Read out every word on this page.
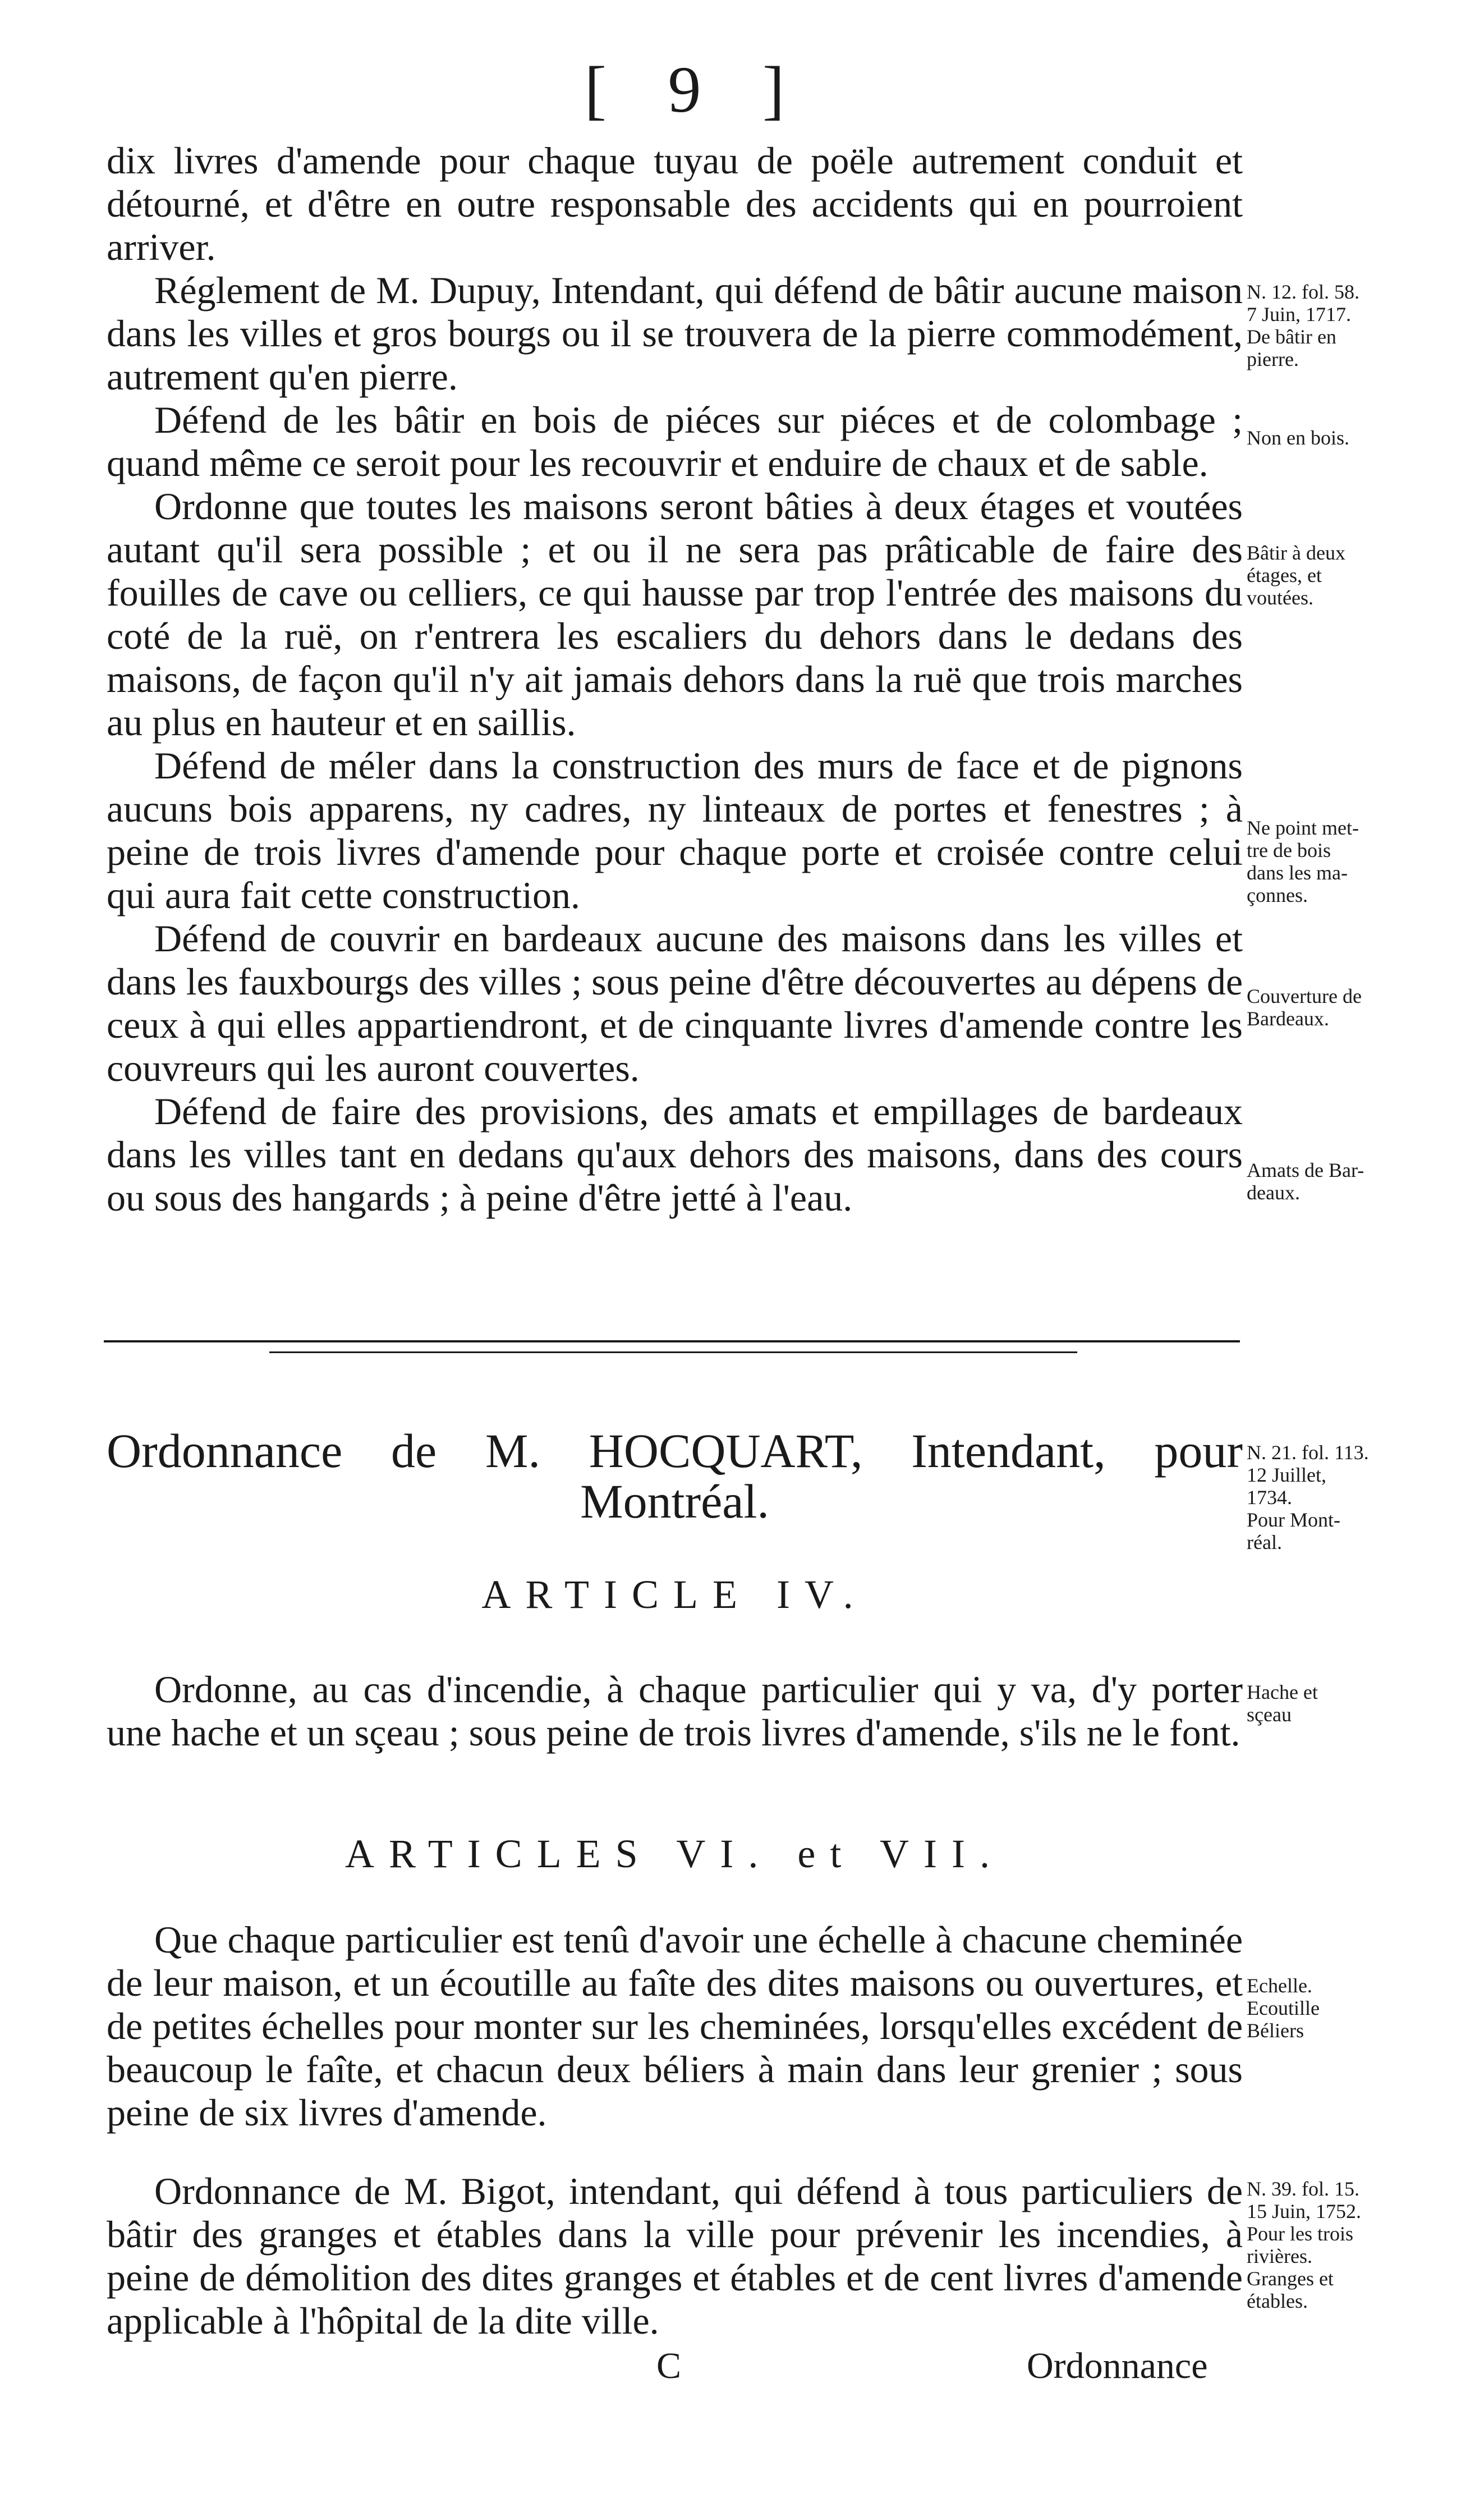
[ 9 ]

dix livres d'amende pour chaque tuyau de poële autrement conduit et détourné, et d'être en outre responsable des accidents qui en pourroient arriver.

Réglement de M. Dupuy, Intendant, qui défend de bâtir aucune maison dans les villes et gros bourgs ou il se trouvera de la pierre commodément, autrement qu'en pierre.

Défend de les bâtir en bois de piéces sur piéces et de colombage ; quand même ce seroit pour les recouvrir et enduire de chaux et de sable.

Ordonne que toutes les maisons seront bâties à deux étages et voutées autant qu'il sera possible ; et ou il ne sera pas prâticable de faire des fouilles de cave ou celliers, ce qui hausse par trop l'entrée des maisons du coté de la ruë, on r'entrera les escaliers du dehors dans le dedans des maisons, de façon qu'il n'y ait jamais dehors dans la ruë que trois marches au plus en hauteur et en saillis.

Défend de méler dans la construction des murs de face et de pignons aucuns bois apparens, ny cadres, ny linteaux de portes et fenestres ; à peine de trois livres d'amende pour chaque porte et croisée contre celui qui aura fait cette construction.

Défend de couvrir en bardeaux aucune des maisons dans les villes et dans les fauxbourgs des villes ; sous peine d'être découvertes au dépens de ceux à qui elles appartiendront, et de cinquante livres d'amende contre les couvreurs qui les auront couvertes.

Défend de faire des provisions, des amats et empillages de bardeaux dans les villes tant en dedans qu'aux dehors des maisons, dans des cours ou sous des hangards ; à peine d'être jetté à l'eau.

N. 12. fol. 58.
7 Juin, 1717.
De bâtir en
pierre.
Non en bois.
Bâtir à deux
étages, et
voutées.
Ne point met-
tre de bois
dans les ma-
çonnes.
Couverture de
Bardeaux.
Amats de Bar-
deaux.
Ordonnance de M. HOCQUART, Intendant, pour
Montréal.
N. 21. fol. 113.
12 Juillet,
1734.
Pour Mont-
réal.
ARTICLE IV.

Ordonne, au cas d'incendie, à chaque particulier qui y va, d'y porter une hache et un sçeau ; sous peine de trois livres d'amende, s'ils ne le font.

Hache et
sçeau
ARTICLES VI. et VII.

Que chaque particulier est tenû d'avoir une échelle à chacune cheminée de leur maison, et un écoutille au faîte des dites maisons ou ouvertures, et de petites échelles pour monter sur les cheminées, lorsqu'elles excédent de beaucoup le faîte, et chacun deux béliers à main dans leur grenier ; sous peine de six livres d'amende.

Echelle.
Ecoutille
Béliers

Ordonnance de M. Bigot, intendant, qui défend à tous particuliers de bâtir des granges et étables dans la ville pour prévenir les incendies, à peine de démolition des dites granges et étables et de cent livres d'amende applicable à l'hôpital de la dite ville.

N. 39. fol. 15.
15 Juin, 1752.
Pour les trois
rivières.
Granges et
étables.
C	Ordonnance
